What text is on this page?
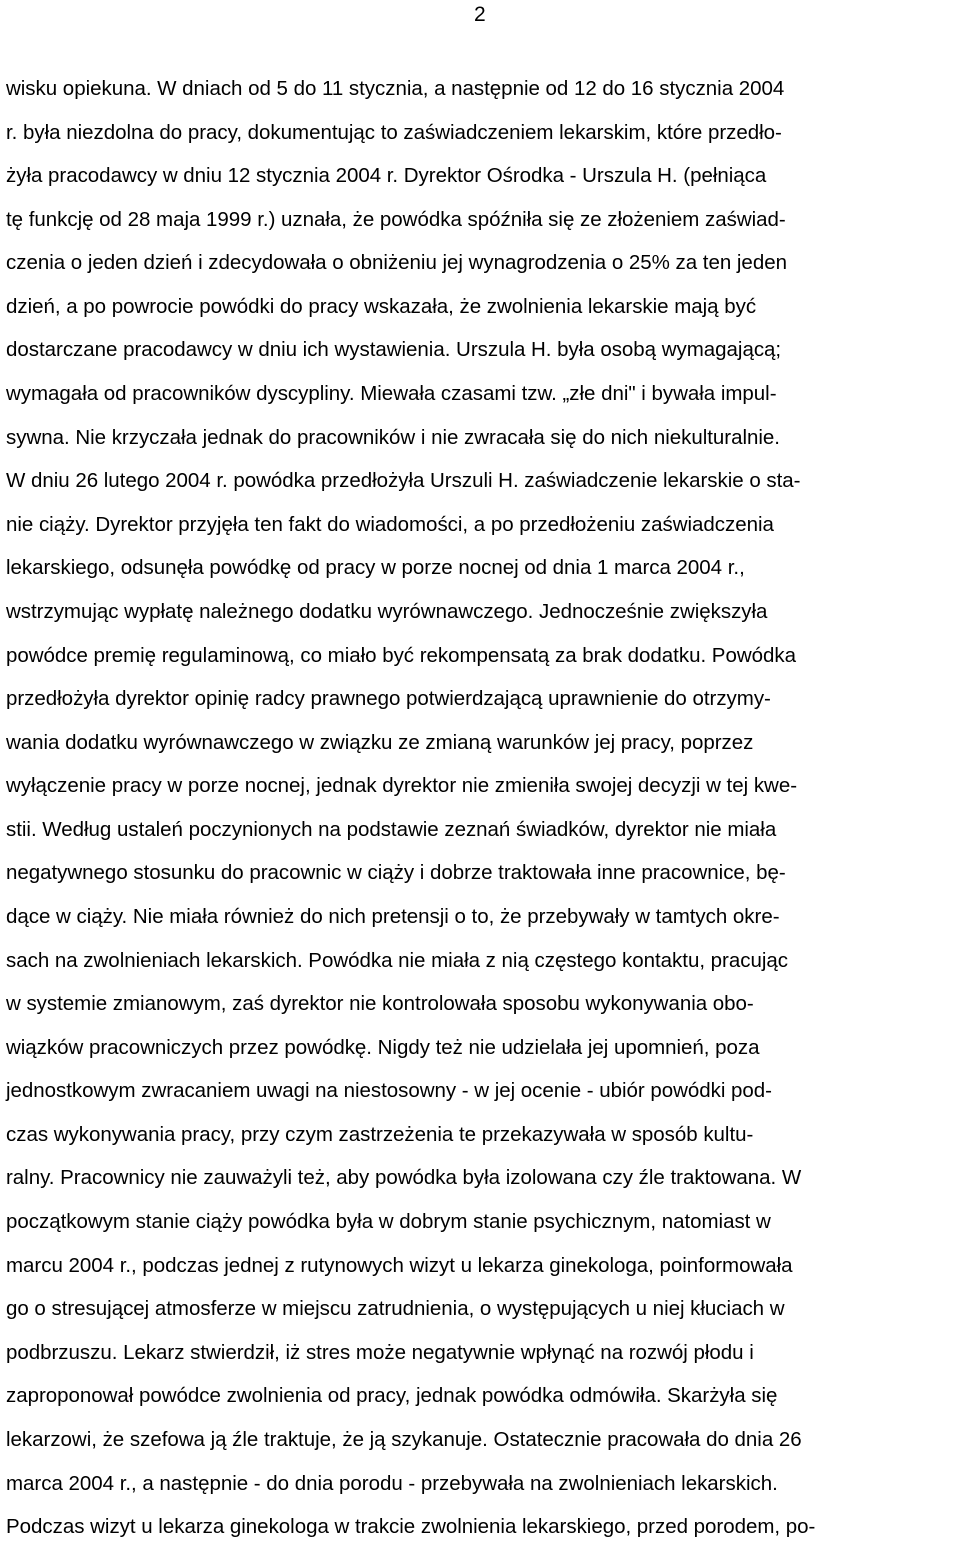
2
wisku opiekuna. W dniach od 5 do 11 stycznia, a następnie od 12 do 16 stycznia 2004
r. była niezdolna do pracy, dokumentując to zaświadczeniem lekarskim, które przedło-
żyła pracodawcy w dniu 12 stycznia 2004 r. Dyrektor Ośrodka - Urszula H. (pełniąca
tę funkcję od 28 maja 1999 r.) uznała, że powódka spóźniła się ze złożeniem zaświad-
czenia o jeden dzień i zdecydowała o obniżeniu jej wynagrodzenia o 25% za ten jeden
dzień, a po powrocie powódki do pracy wskazała, że zwolnienia lekarskie mają być
dostarczane pracodawcy w dniu ich wystawienia. Urszula H. była osobą wymagającą;
wymagała od pracowników dyscypliny. Miewała czasami tzw. „złe dni" i bywała impul-
sywna. Nie krzyczała jednak do pracowników i nie zwracała się do nich niekulturalnie.
W dniu 26 lutego 2004 r. powódka przedłożyła Urszuli H. zaświadczenie lekarskie o sta-
nie ciąży. Dyrektor przyjęła ten fakt do wiadomości, a po przedłożeniu zaświadczenia
lekarskiego, odsunęła powódkę od pracy w porze nocnej od dnia 1 marca 2004 r.,
wstrzymując wypłatę należnego dodatku wyrównawczego. Jednocześnie zwiększyła
powódce premię regulaminową, co miało być rekompensatą za brak dodatku. Powódka
przedłożyła dyrektor opinię radcy prawnego potwierdzającą uprawnienie do otrzymy-
wania dodatku wyrównawczego w związku ze zmianą warunków jej pracy, poprzez
wyłączenie pracy w porze nocnej, jednak dyrektor nie zmieniła swojej decyzji w tej kwe-
stii. Według ustaleń poczynionych na podstawie zeznań świadków, dyrektor nie miała
negatywnego stosunku do pracownic w ciąży i dobrze traktowała inne pracownice, bę-
dące w ciąży. Nie miała również do nich pretensji o to, że przebywały w tamtych okre-
sach na zwolnieniach lekarskich. Powódka nie miała z nią częstego kontaktu, pracując
w systemie zmianowym, zaś dyrektor nie kontrolowała sposobu wykonywania obo-
wiązków pracowniczych przez powódkę. Nigdy też nie udzielała jej upomnień, poza
jednostkowym zwracaniem uwagi na niestosowny - w jej ocenie - ubiór powódki pod-
czas wykonywania pracy, przy czym zastrzeżenia te przekazywała w sposób kultu-
ralny. Pracownicy nie zauważyli też, aby powódka była izolowana czy źle traktowana. W
początkowym stanie ciąży powódka była w dobrym stanie psychicznym, natomiast w
marcu 2004 r., podczas jednej z rutynowych wizyt u lekarza ginekologa, poinformowała
go o stresującej atmosferze w miejscu zatrudnienia, o występujących u niej kłuciach w
podbrzuszu. Lekarz stwierdził, iż stres może negatywnie wpłynąć na rozwój płodu i
zaproponował powódce zwolnienia od pracy, jednak powódka odmówiła. Skarżyła się
lekarzowi, że szefowa ją źle traktuje, że ją szykanuje. Ostatecznie pracowała do dnia 26
marca 2004 r., a następnie - do dnia porodu - przebywała na zwolnieniach lekarskich.
Podczas wizyt u lekarza ginekologa w trakcie zwolnienia lekarskiego, przed porodem, po-
